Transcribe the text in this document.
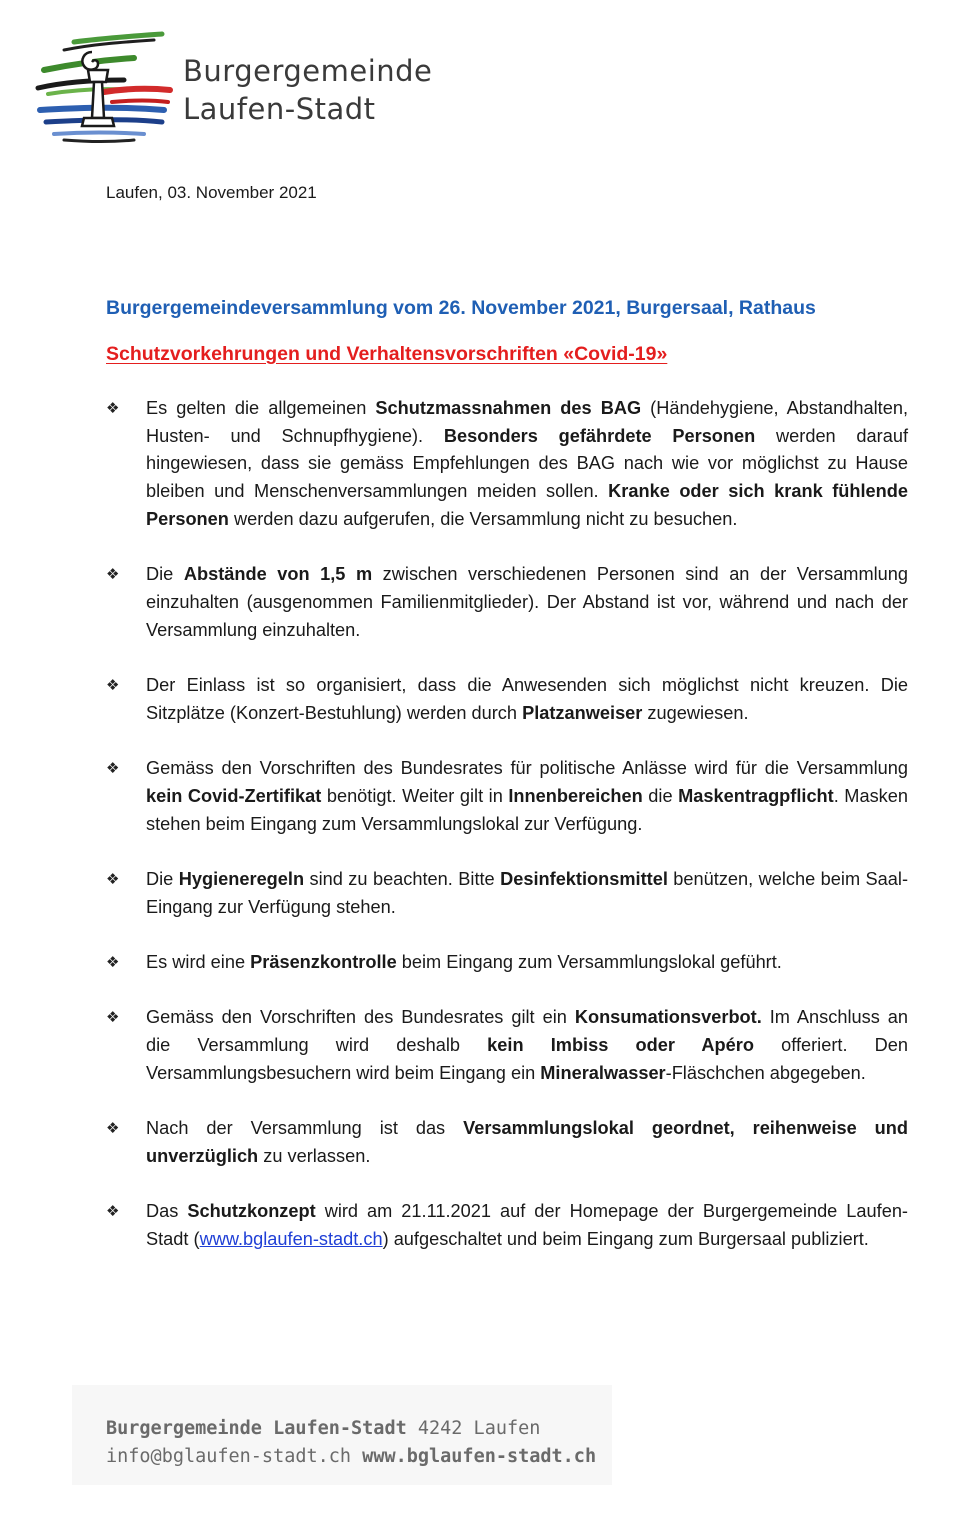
Burgergemeinde
Laufen-Stadt
Laufen, 03. November 2021
Burgergemeindeversammlung vom 26. November 2021, Burgersaal, Rathaus
Schutzvorkehrungen und Verhaltensvorschriften «Covid-19»
❖	Es gelten die allgemeinen Schutzmassnahmen des BAG (Händehygiene, Abstandhalten, Husten- und Schnupfhygiene). Besonders gefährdete Personen werden darauf hingewiesen, dass sie gemäss Empfehlungen des BAG nach wie vor möglichst zu Hause bleiben und Menschenversammlungen meiden sollen. Kranke oder sich krank fühlende Personen werden dazu aufgerufen, die Versammlung nicht zu besuchen.
❖	Die Abstände von 1,5 m zwischen verschiedenen Personen sind an der Versammlung einzuhalten (ausgenommen Familienmitglieder). Der Abstand ist vor, während und nach der Versammlung einzuhalten.
❖	Der Einlass ist so organisiert, dass die Anwesenden sich möglichst nicht kreuzen. Die Sitzplätze (Konzert-Bestuhlung) werden durch Platzanweiser zugewiesen.
❖	Gemäss den Vorschriften des Bundesrates für politische Anlässe wird für die Versammlung kein Covid-Zertifikat benötigt. Weiter gilt in Innenbereichen die Maskentragpflicht. Masken stehen beim Eingang zum Versammlungslokal zur Verfügung.
❖	Die Hygieneregeln sind zu beachten. Bitte Desinfektionsmittel benützen, welche beim Saal-Eingang zur Verfügung stehen.
❖	Es wird eine Präsenzkontrolle beim Eingang zum Versammlungslokal geführt.
❖	Gemäss den Vorschriften des Bundesrates gilt ein Konsumationsverbot. Im Anschluss an die Versammlung wird deshalb kein Imbiss oder Apéro offeriert. Den Versammlungsbesuchern wird beim Eingang ein Mineralwasser-Fläschchen abgegeben.
❖	Nach der Versammlung ist das Versammlungslokal geordnet, reihenweise und unverzüglich zu verlassen.
❖	Das Schutzkonzept wird am 21.11.2021 auf der Homepage der Burgergemeinde Laufen-Stadt (www.bglaufen-stadt.ch) aufgeschaltet und beim Eingang zum Burgersaal publiziert.
Burgergemeinde Laufen-Stadt 4242 Laufen
info@bglaufen-stadt.ch www.bglaufen-stadt.ch
